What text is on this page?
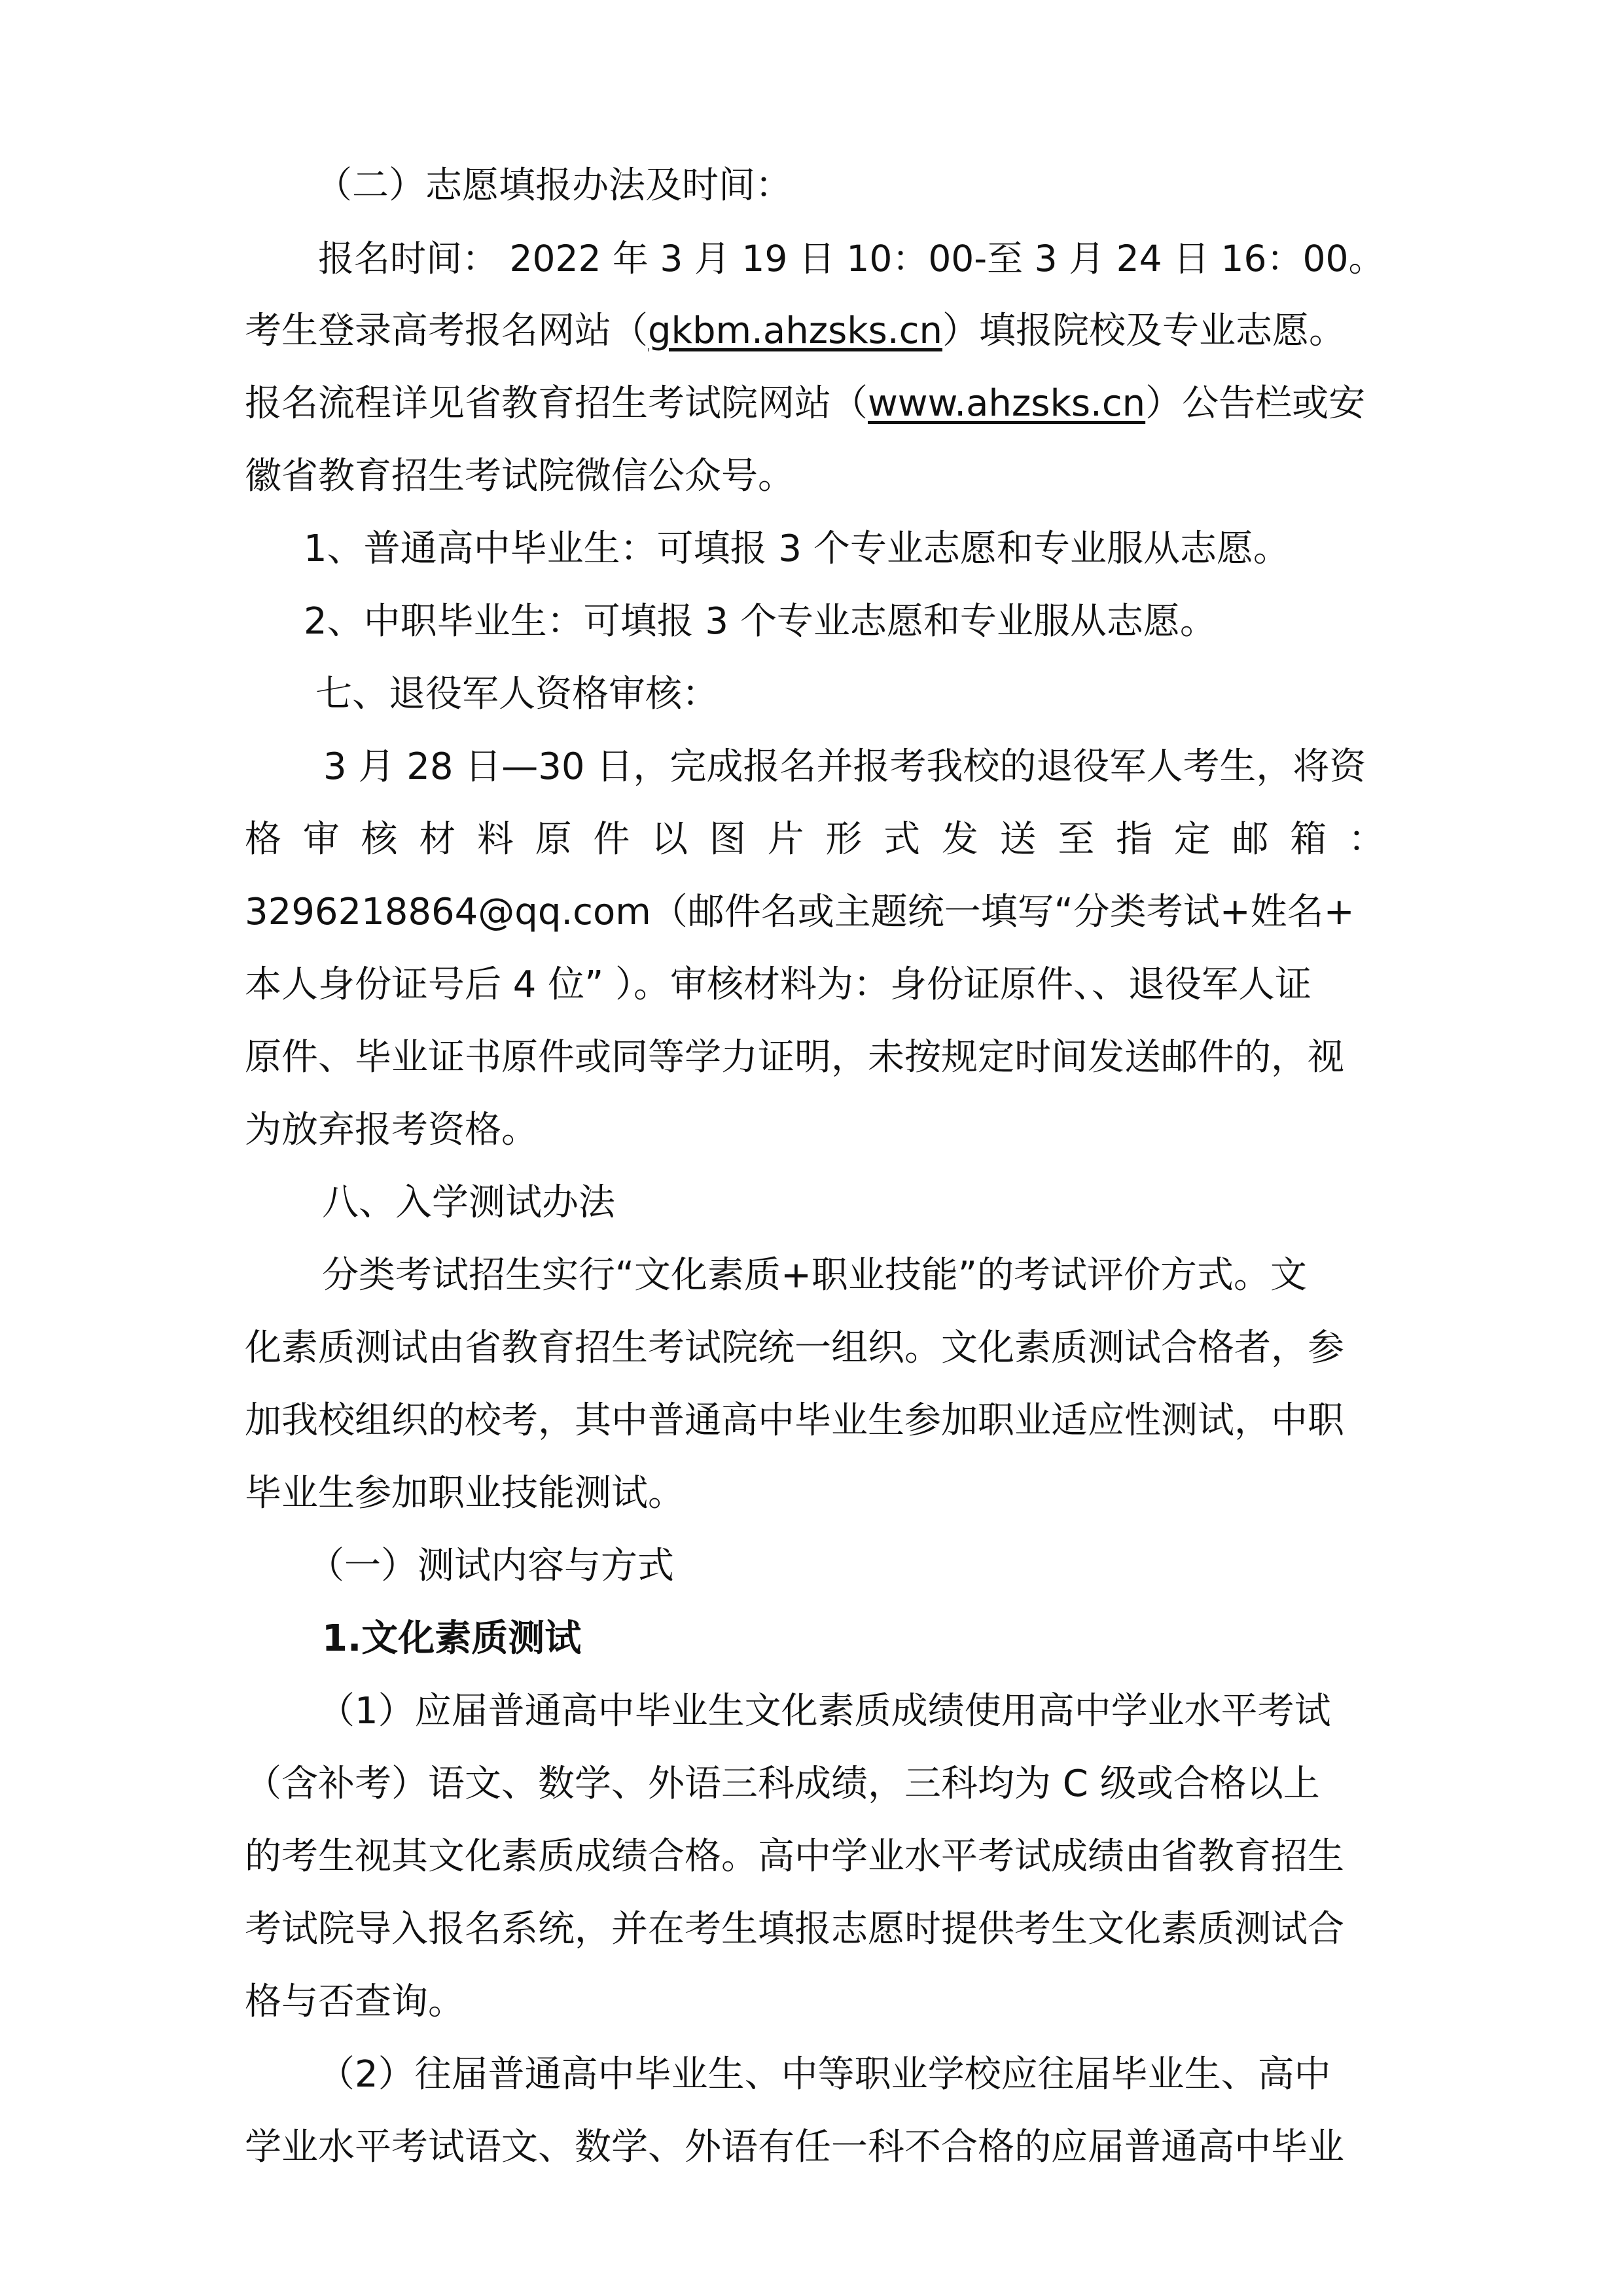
（二）志愿填报办法及时间：
报名时间： 2022 年 3 月 19 日 10：00-至 3 月 24 日 16：00。
考生登录高考报名网站（gkbm.ahzsks.cn）填报院校及专业志愿。
报名流程详见省教育招生考试院网站（www.ahzsks.cn）公告栏或安
徽省教育招生考试院微信公众号。
1、普通高中毕业生：可填报 3 个专业志愿和专业服从志愿。
2、中职毕业生：可填报 3 个专业志愿和专业服从志愿。
七、退役军人资格审核：
3 月 28 日—30 日，完成报名并报考我校的退役军人考生，将资
格审核材料原件以图片形式发送至指定邮箱：
3296218864@qq.com（邮件名或主题统一填写“分类考试+姓名+
本人身份证号后 4 位” ）。审核材料为：身份证原件、、退役军人证
原件、毕业证书原件或同等学力证明，未按规定时间发送邮件的，视
为放弃报考资格。
八、入学测试办法
分类考试招生实行“文化素质+职业技能”的考试评价方式。文
化素质测试由省教育招生考试院统一组织。文化素质测试合格者，参
加我校组织的校考，其中普通高中毕业生参加职业适应性测试，中职
毕业生参加职业技能测试。
（一）测试内容与方式
1.文化素质测试
（1）应届普通高中毕业生文化素质成绩使用高中学业水平考试
（含补考）语文、数学、外语三科成绩，三科均为 C 级或合格以上
的考生视其文化素质成绩合格。高中学业水平考试成绩由省教育招生
考试院导入报名系统，并在考生填报志愿时提供考生文化素质测试合
格与否查询。
（2）往届普通高中毕业生、中等职业学校应往届毕业生、高中
学业水平考试语文、数学、外语有任一科不合格的应届普通高中毕业
